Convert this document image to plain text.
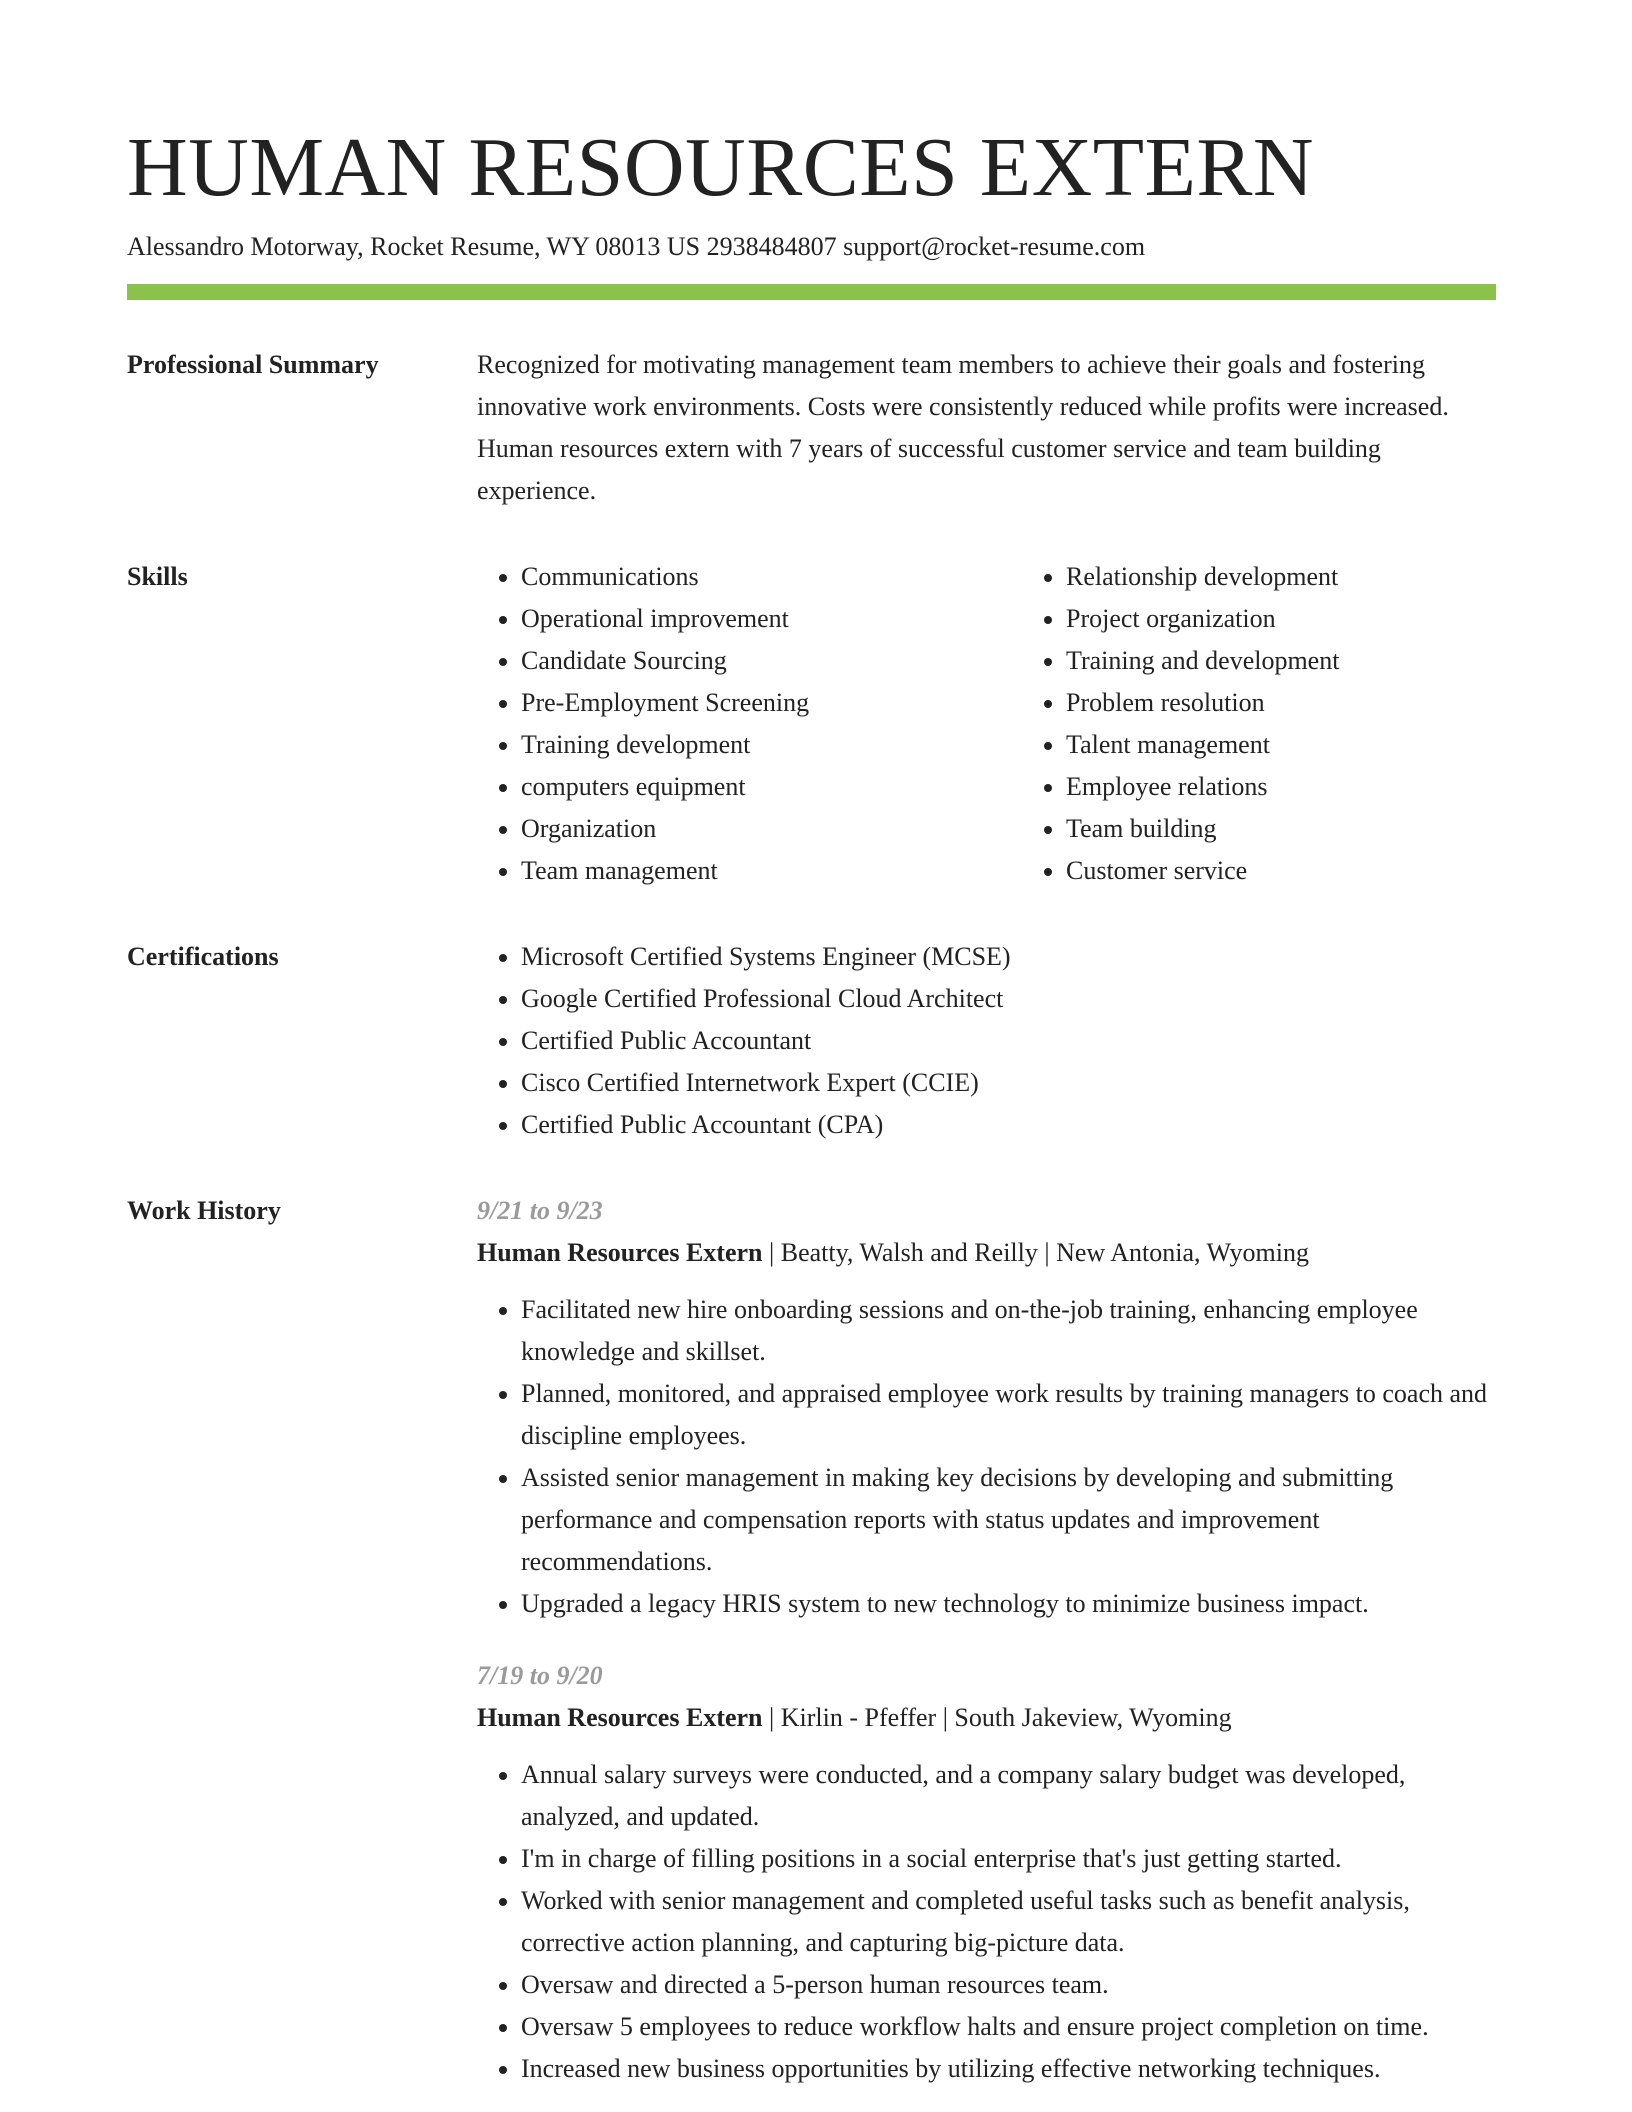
HUMAN RESOURCES EXTERN
Alessandro Motorway, Rocket Resume, WY 08013 US 2938484807 support@rocket-resume.com
Professional Summary	Recognized for motivating management team members to achieve their goals and fostering innovative work environments. Costs were consistently reduced while profits were increased. Human resources extern with 7 years of successful customer service and team building experience.
Skills	• Communications
• Operational improvement
• Candidate Sourcing
• Pre-Employment Screening
• Training development
• computers equipment
• Organization
• Team management
• Relationship development
• Project organization
• Training and development
• Problem resolution
• Talent management
• Employee relations
• Team building
• Customer service
Certifications	• Microsoft Certified Systems Engineer (MCSE)
• Google Certified Professional Cloud Architect
• Certified Public Accountant
• Cisco Certified Internetwork Expert (CCIE)
• Certified Public Accountant (CPA)
Work History	9/21 to 9/23
Human Resources Extern | Beatty, Walsh and Reilly | New Antonia, Wyoming
• Facilitated new hire onboarding sessions and on-the-job training, enhancing employee knowledge and skillset.
• Planned, monitored, and appraised employee work results by training managers to coach and discipline employees.
• Assisted senior management in making key decisions by developing and submitting performance and compensation reports with status updates and improvement recommendations.
• Upgraded a legacy HRIS system to new technology to minimize business impact.
7/19 to 9/20
Human Resources Extern | Kirlin - Pfeffer | South Jakeview, Wyoming
• Annual salary surveys were conducted, and a company salary budget was developed, analyzed, and updated.
• I'm in charge of filling positions in a social enterprise that's just getting started.
• Worked with senior management and completed useful tasks such as benefit analysis, corrective action planning, and capturing big-picture data.
• Oversaw and directed a 5-person human resources team.
• Oversaw 5 employees to reduce workflow halts and ensure project completion on time.
• Increased new business opportunities by utilizing effective networking techniques.
